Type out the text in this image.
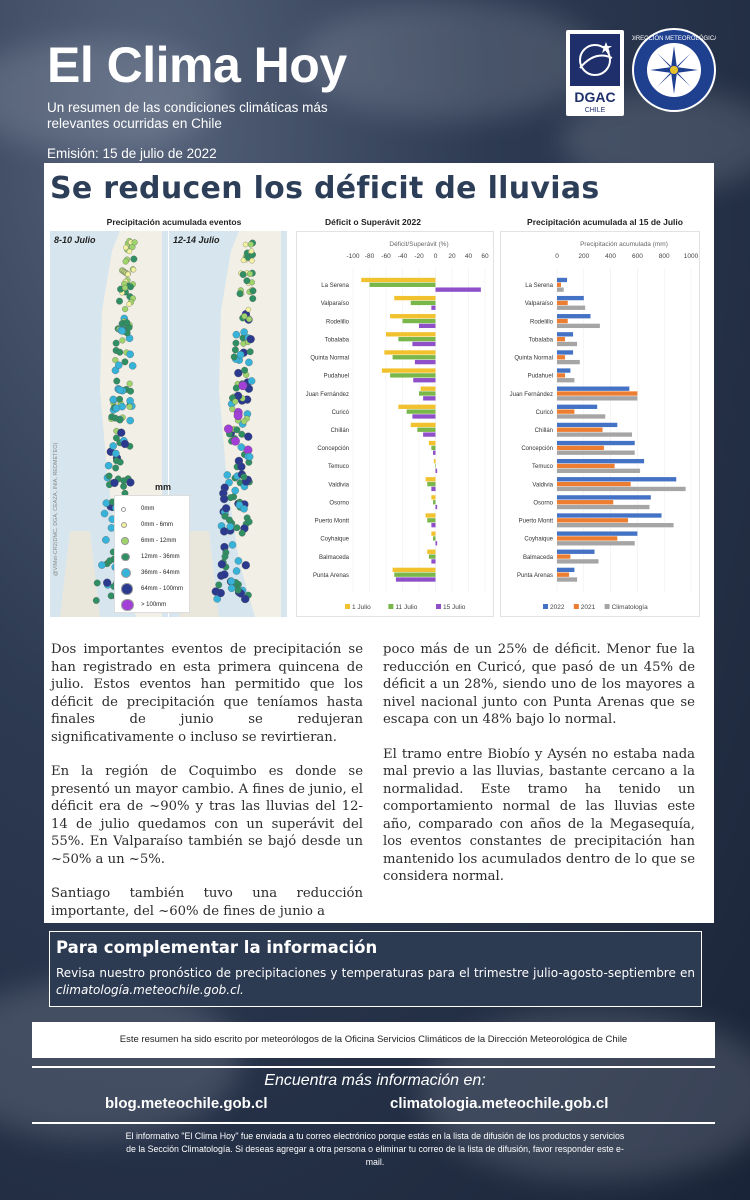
El Clima Hoy
Un resumen de las condiciones climáticas más relevantes ocurridas en Chile
Emisión: 15 de julio de 2022
DGAC
CHILE
DIRECCIÓN METEOROLÓGICA
Se reducen los déficit de lluvias
Precipitación acumulada eventos
8-10 Julio	12-14 Julio
@VIMet-CR2(DMC, DGA, CEAZA, INIA, REDMETEO)	mm
0mm
0mm - 6mm
6mm - 12mm
12mm - 36mm
36mm - 64mm
64mm - 100mm
> 100mm
Déficit o Superávit 2022
Déficit/Superávit (%)
-100 -80 -60 -40 -20 0 20 40 60
La Serena
Valparaíso
Rodelillo
Tobalaba
Quinta Normal
Pudahuel
Juan Fernández
Curicó
Chillán
Concepción
Temuco
Valdivia
Osorno
Puerto Montt
Coyhaique
Balmaceda
Punta Arenas
1 Julio	11 Julio	15 Julio
Precipitación acumulada al 15 de Julio
Precipitación acumulada (mm)
0	200 400 600 800 1000
La Serena
Valparaíso
Rodelillo
Tobalaba
Quinta Normal
Pudahuel
Juan Fernández
Curicó
Chillán
Concepción
Temuco
Valdivia
Osorno
Puerto Montt
Coyhaique
Balmaceda
Punta Arenas
2022	2021	Climatología

Dos importantes eventos de precipitación se han registrado en esta primera quincena de julio. Estos eventos han permitido que los déficit de precipitación que teníamos hasta finales de junio se redujeran significativamente o incluso se revirtieran.

En la región de Coquimbo es donde se presentó un mayor cambio. A fines de junio, el déficit era de ~90% y tras las lluvias del 12-14 de julio quedamos con un superávit del 55%. En Valparaíso también se bajó desde un ~50% a un ~5%.

Santiago también tuvo una reducción importante, del ~60% de fines de junio a

poco más de un 25% de déficit. Menor fue la reducción en Curicó, que pasó de un 45% de déficit a un 28%, siendo uno de los mayores a nivel nacional junto con Punta Arenas que se escapa con un 48% bajo lo normal.

El tramo entre Biobío y Aysén no estaba nada mal previo a las lluvias, bastante cercano a la normalidad. Este tramo ha tenido un comportamiento normal de las lluvias este año, comparado con años de la Megasequía, los eventos constantes de precipitación han mantenido los acumulados dentro de lo que se considera normal.

Para complementar la información

Revisa nuestro pronóstico de precipitaciones y temperaturas para el trimestre julio-agosto-septiembre en climatología.meteochile.gob.cl.

Este resumen ha sido escrito por meteorólogos de la Oficina Servicios Climáticos de la Dirección Meteorológica de Chile
Encuentra más información en:
blog.meteochile.gob.cl	climatologia.meteochile.gob.cl
El informativo "El Clima Hoy" fue enviada a tu correo electrónico porque estás en la lista de difusión de los productos y servicios de la Sección Climatología. Si deseas agregar a otra persona o eliminar tu correo de la lista de difusión, favor responder este e-mail.
